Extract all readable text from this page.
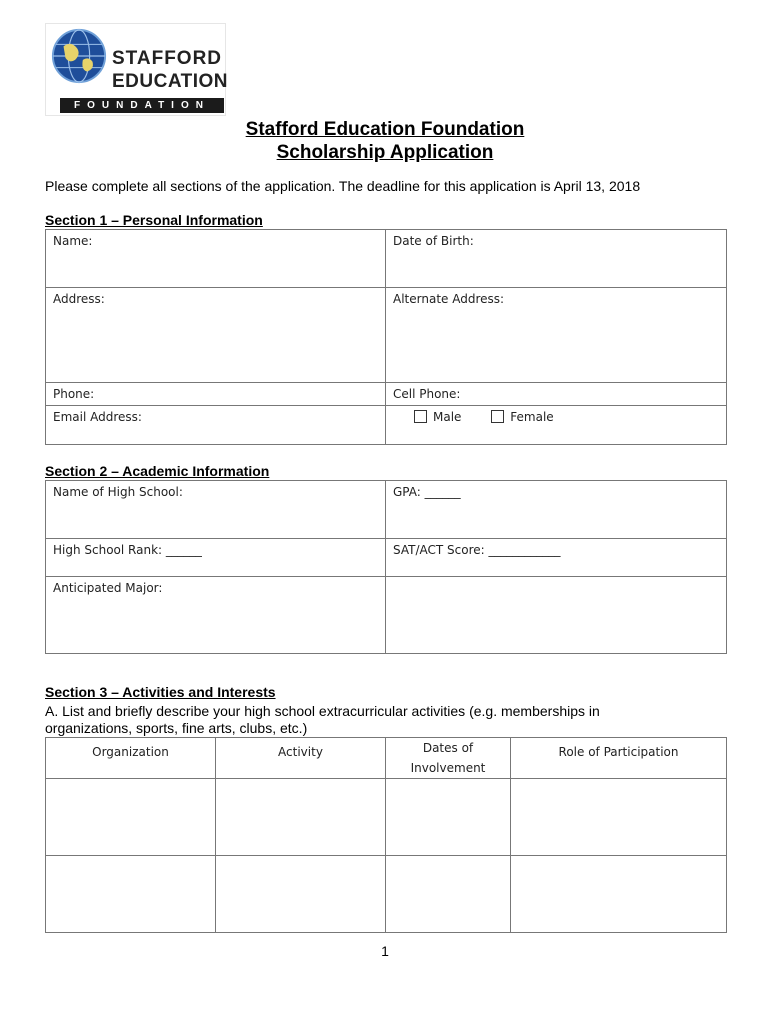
STAFFORD
EDUCATION
FOUNDATION
Stafford Education Foundation
Scholarship Application
Please complete all sections of the application. The deadline for this application is April 13, 2018
Section 1 – Personal Information
Name:	Date of Birth:
Address:	Alternate Address:
Phone:	Cell Phone:
Email Address:	Male Female
Section 2 – Academic Information
Name of High School:	GPA: ______
High School Rank: ______	SAT/ACT Score: ____________
Anticipated Major:	
Section 3 – Activities and Interests
A. List and briefly describe your high school extracurricular activities (e.g. memberships in
organizations, sports, fine arts, clubs, etc.)
Organization	Activity	Dates of Involvement	Role of Participation

1
